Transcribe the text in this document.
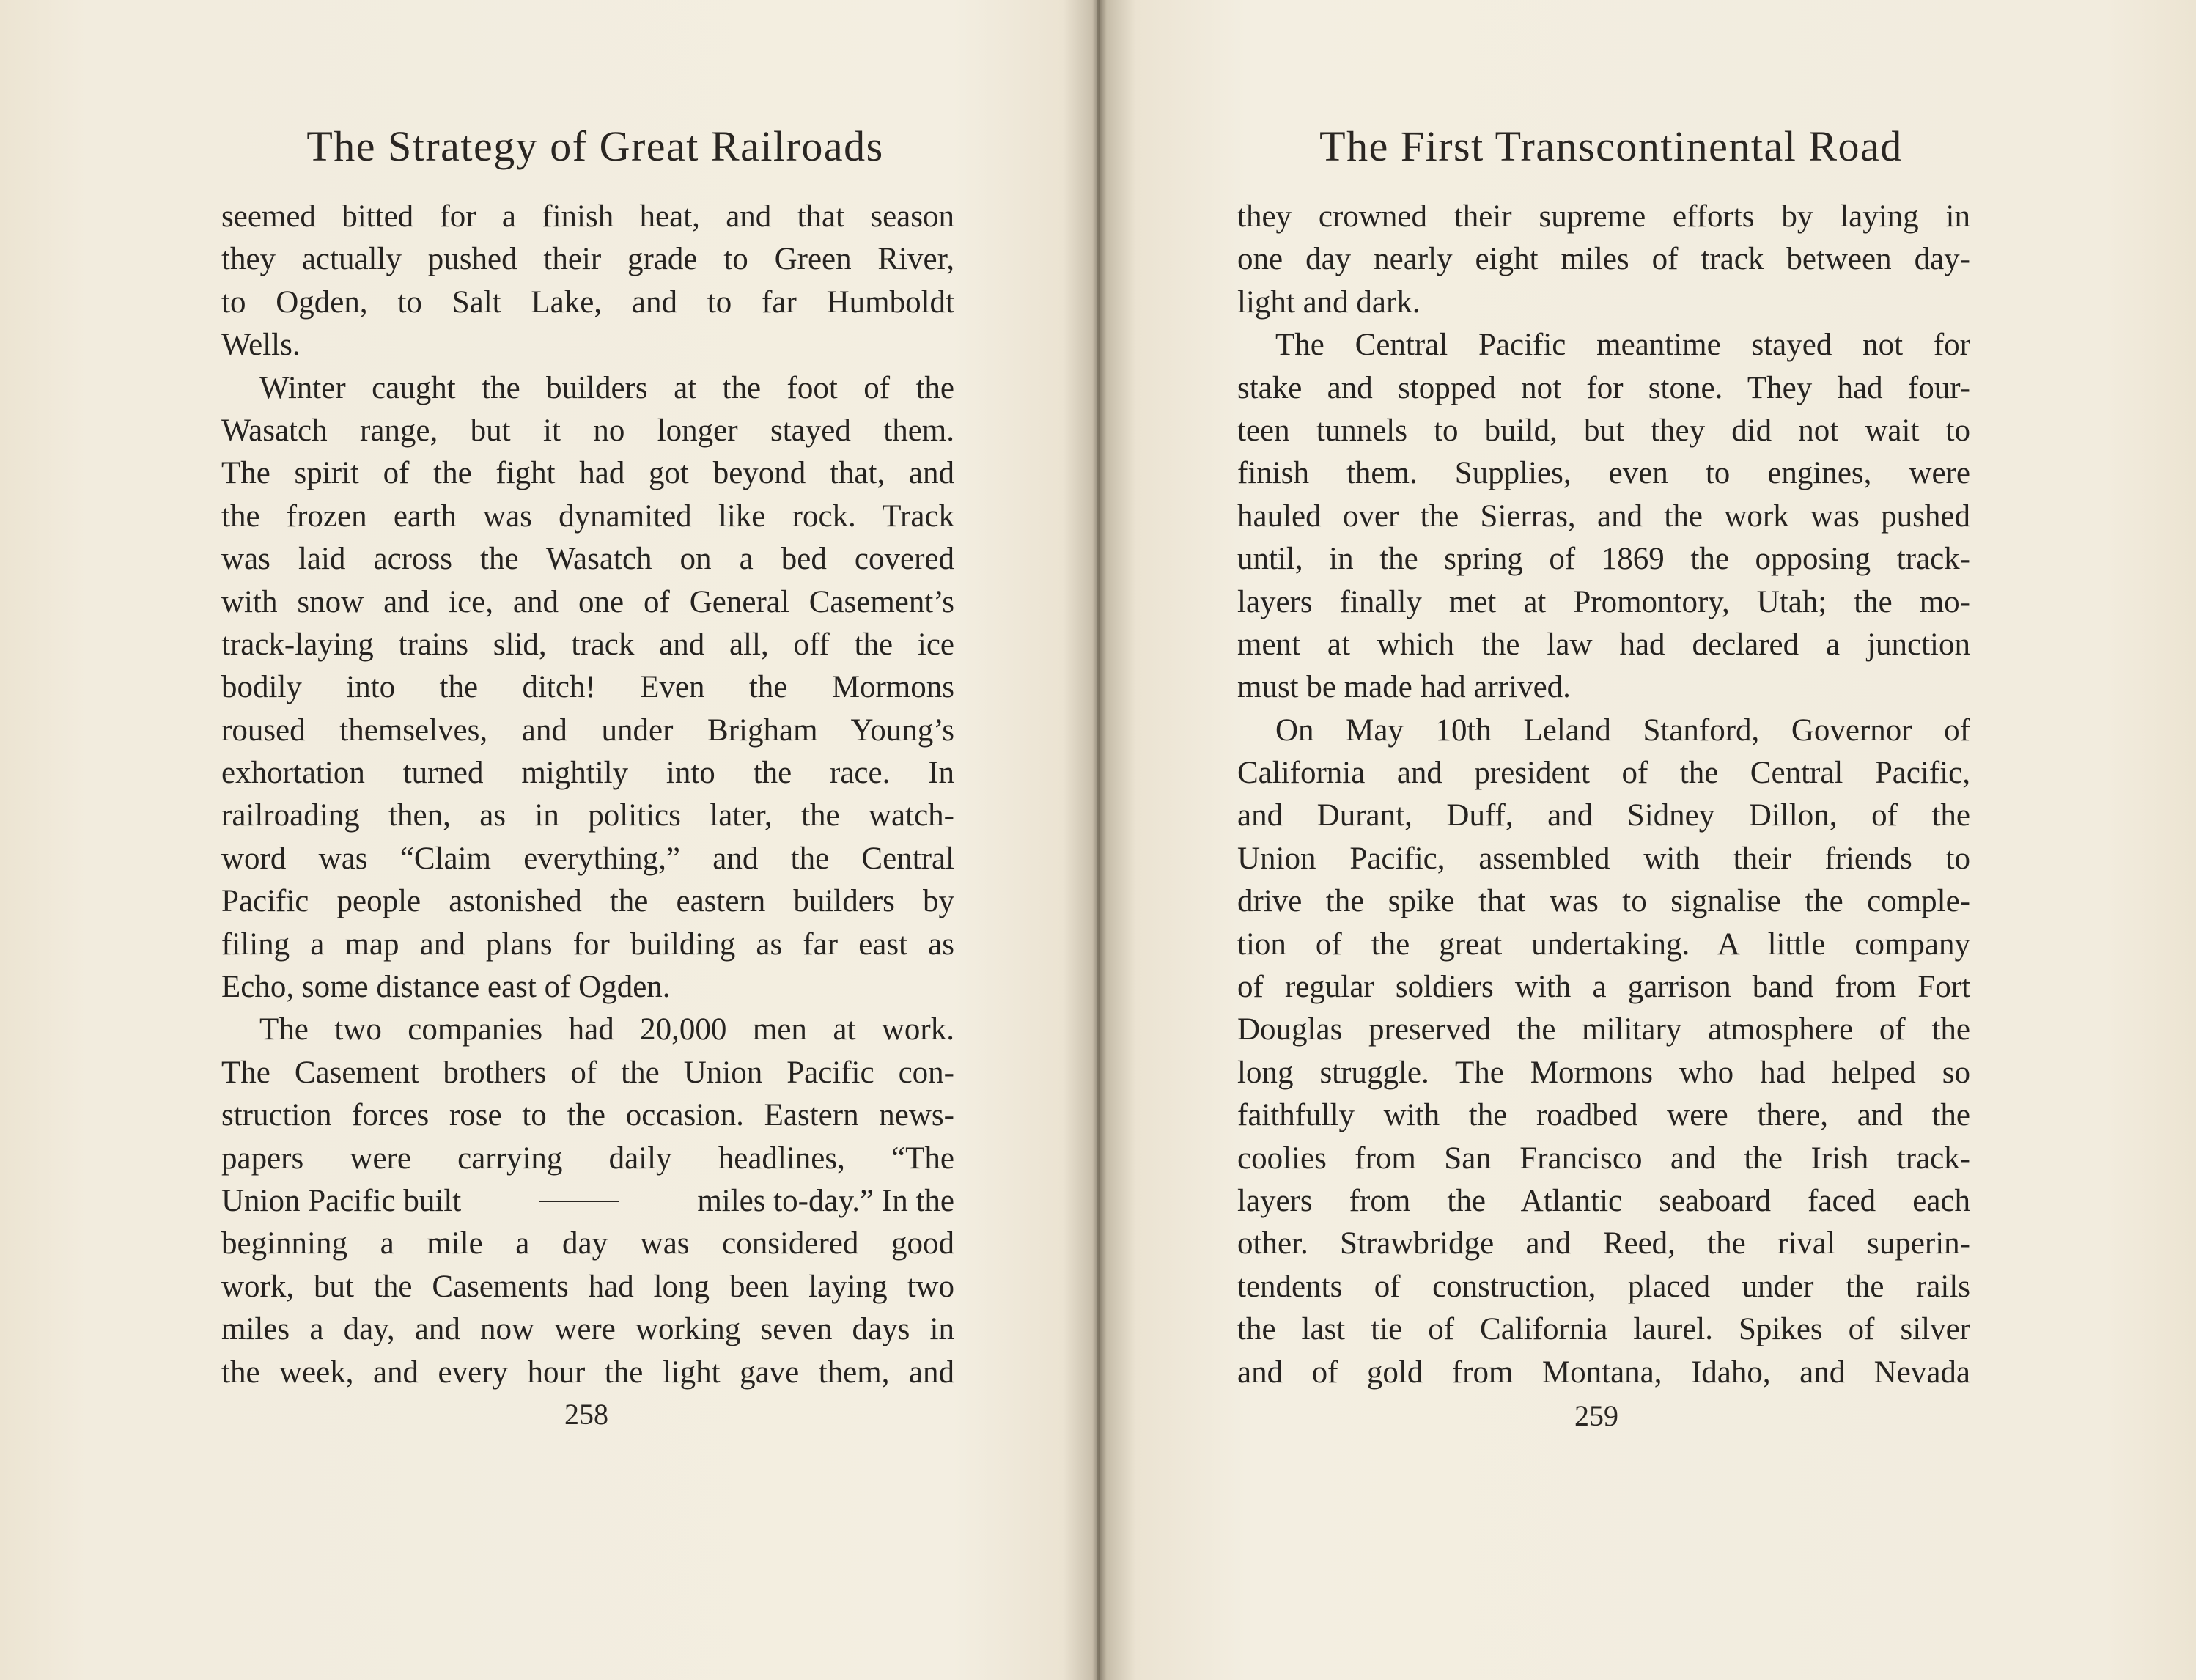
The Strategy of Great Railroads
seemed bitted for a finish heat, and that season
they actually pushed their grade to Green River,
to Ogden, to Salt Lake, and to far Humboldt
Wells.
Winter caught the builders at the foot of the
Wasatch range, but it no longer stayed them.
The spirit of the fight had got beyond that, and
the frozen earth was dynamited like rock. Track
was laid across the Wasatch on a bed covered
with snow and ice, and one of General Casement’s
track-laying trains slid, track and all, off the ice
bodily into the ditch! Even the Mormons
roused themselves, and under Brigham Young’s
exhortation turned mightily into the race. In
railroading then, as in politics later, the watch-
word was “Claim everything,” and the Central
Pacific people astonished the eastern builders by
filing a map and plans for building as far east as
Echo, some distance east of Ogden.
The two companies had 20,000 men at work.
The Casement brothers of the Union Pacific con-
struction forces rose to the occasion. Eastern news-
papers were carrying daily headlines, “The
Union Pacific built	miles to-day.” In the
beginning a mile a day was considered good
work, but the Casements had long been laying two
miles a day, and now were working seven days in
the week, and every hour the light gave them, and
258
The First Transcontinental Road
they crowned their supreme efforts by laying in
one day nearly eight miles of track between day-
light and dark.
The Central Pacific meantime stayed not for
stake and stopped not for stone. They had four-
teen tunnels to build, but they did not wait to
finish them. Supplies, even to engines, were
hauled over the Sierras, and the work was pushed
until, in the spring of 1869 the opposing track-
layers finally met at Promontory, Utah; the mo-
ment at which the law had declared a junction
must be made had arrived.
On May 10th Leland Stanford, Governor of
California and president of the Central Pacific,
and Durant, Duff, and Sidney Dillon, of the
Union Pacific, assembled with their friends to
drive the spike that was to signalise the comple-
tion of the great undertaking. A little company
of regular soldiers with a garrison band from Fort
Douglas preserved the military atmosphere of the
long struggle. The Mormons who had helped so
faithfully with the roadbed were there, and the
coolies from San Francisco and the Irish track-
layers from the Atlantic seaboard faced each
other. Strawbridge and Reed, the rival superin-
tendents of construction, placed under the rails
the last tie of California laurel. Spikes of silver
and of gold from Montana, Idaho, and Nevada
259
